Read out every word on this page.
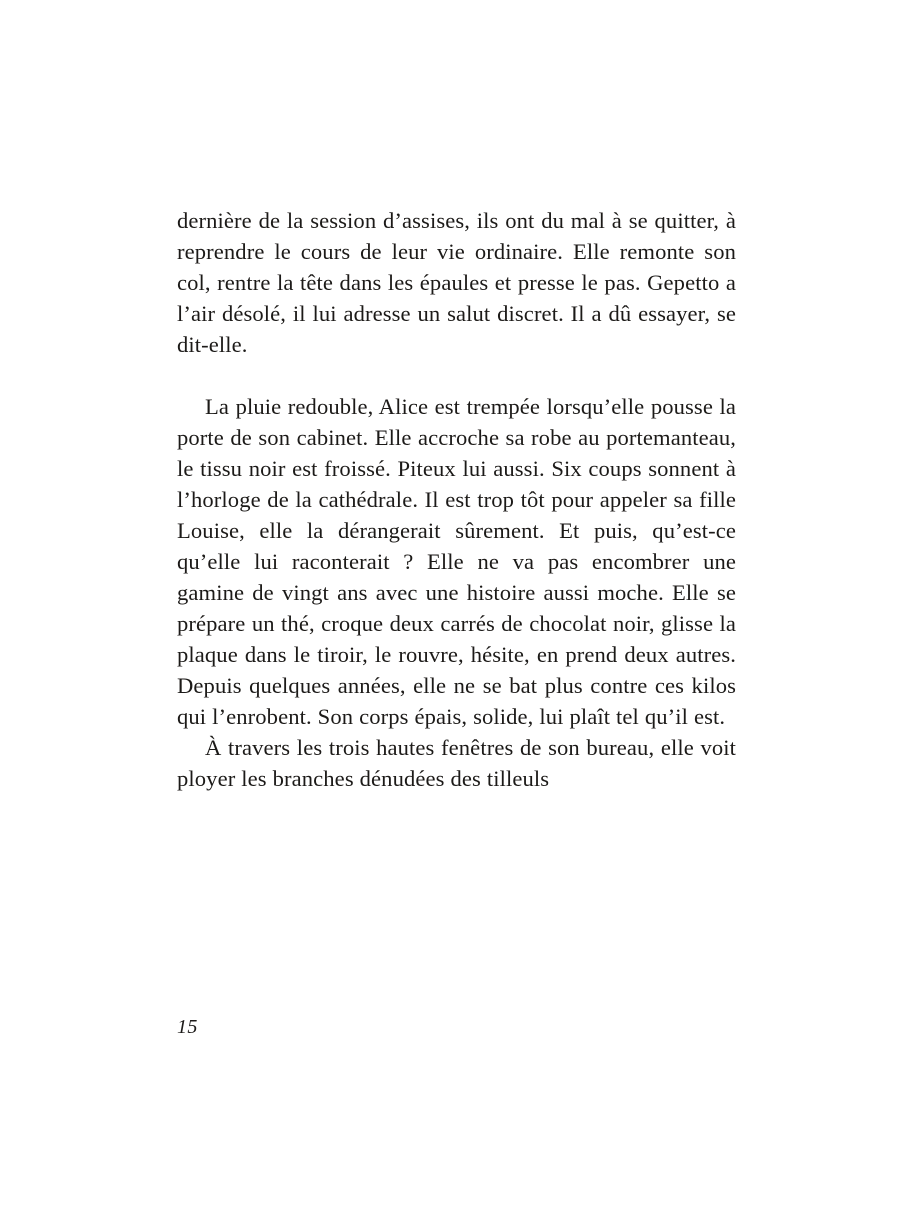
dernière de la session d’assises, ils ont du mal à se quitter, à reprendre le cours de leur vie ordinaire. Elle remonte son col, rentre la tête dans les épaules et presse le pas. Gepetto a l’air désolé, il lui adresse un salut discret. Il a dû essayer, se dit-elle.

La pluie redouble, Alice est trempée lorsqu’elle pousse la porte de son cabinet. Elle accroche sa robe au portemanteau, le tissu noir est froissé. Piteux lui aussi. Six coups sonnent à l’horloge de la cathédrale. Il est trop tôt pour appeler sa fille Louise, elle la dérangerait sûrement. Et puis, qu’est-ce qu’elle lui raconterait ? Elle ne va pas encombrer une gamine de vingt ans avec une histoire aussi moche. Elle se prépare un thé, croque deux carrés de chocolat noir, glisse la plaque dans le tiroir, le rouvre, hésite, en prend deux autres. Depuis quelques années, elle ne se bat plus contre ces kilos qui l’enrobent. Son corps épais, solide, lui plaît tel qu’il est.

À travers les trois hautes fenêtres de son bureau, elle voit ployer les branches dénudées des tilleuls

15
